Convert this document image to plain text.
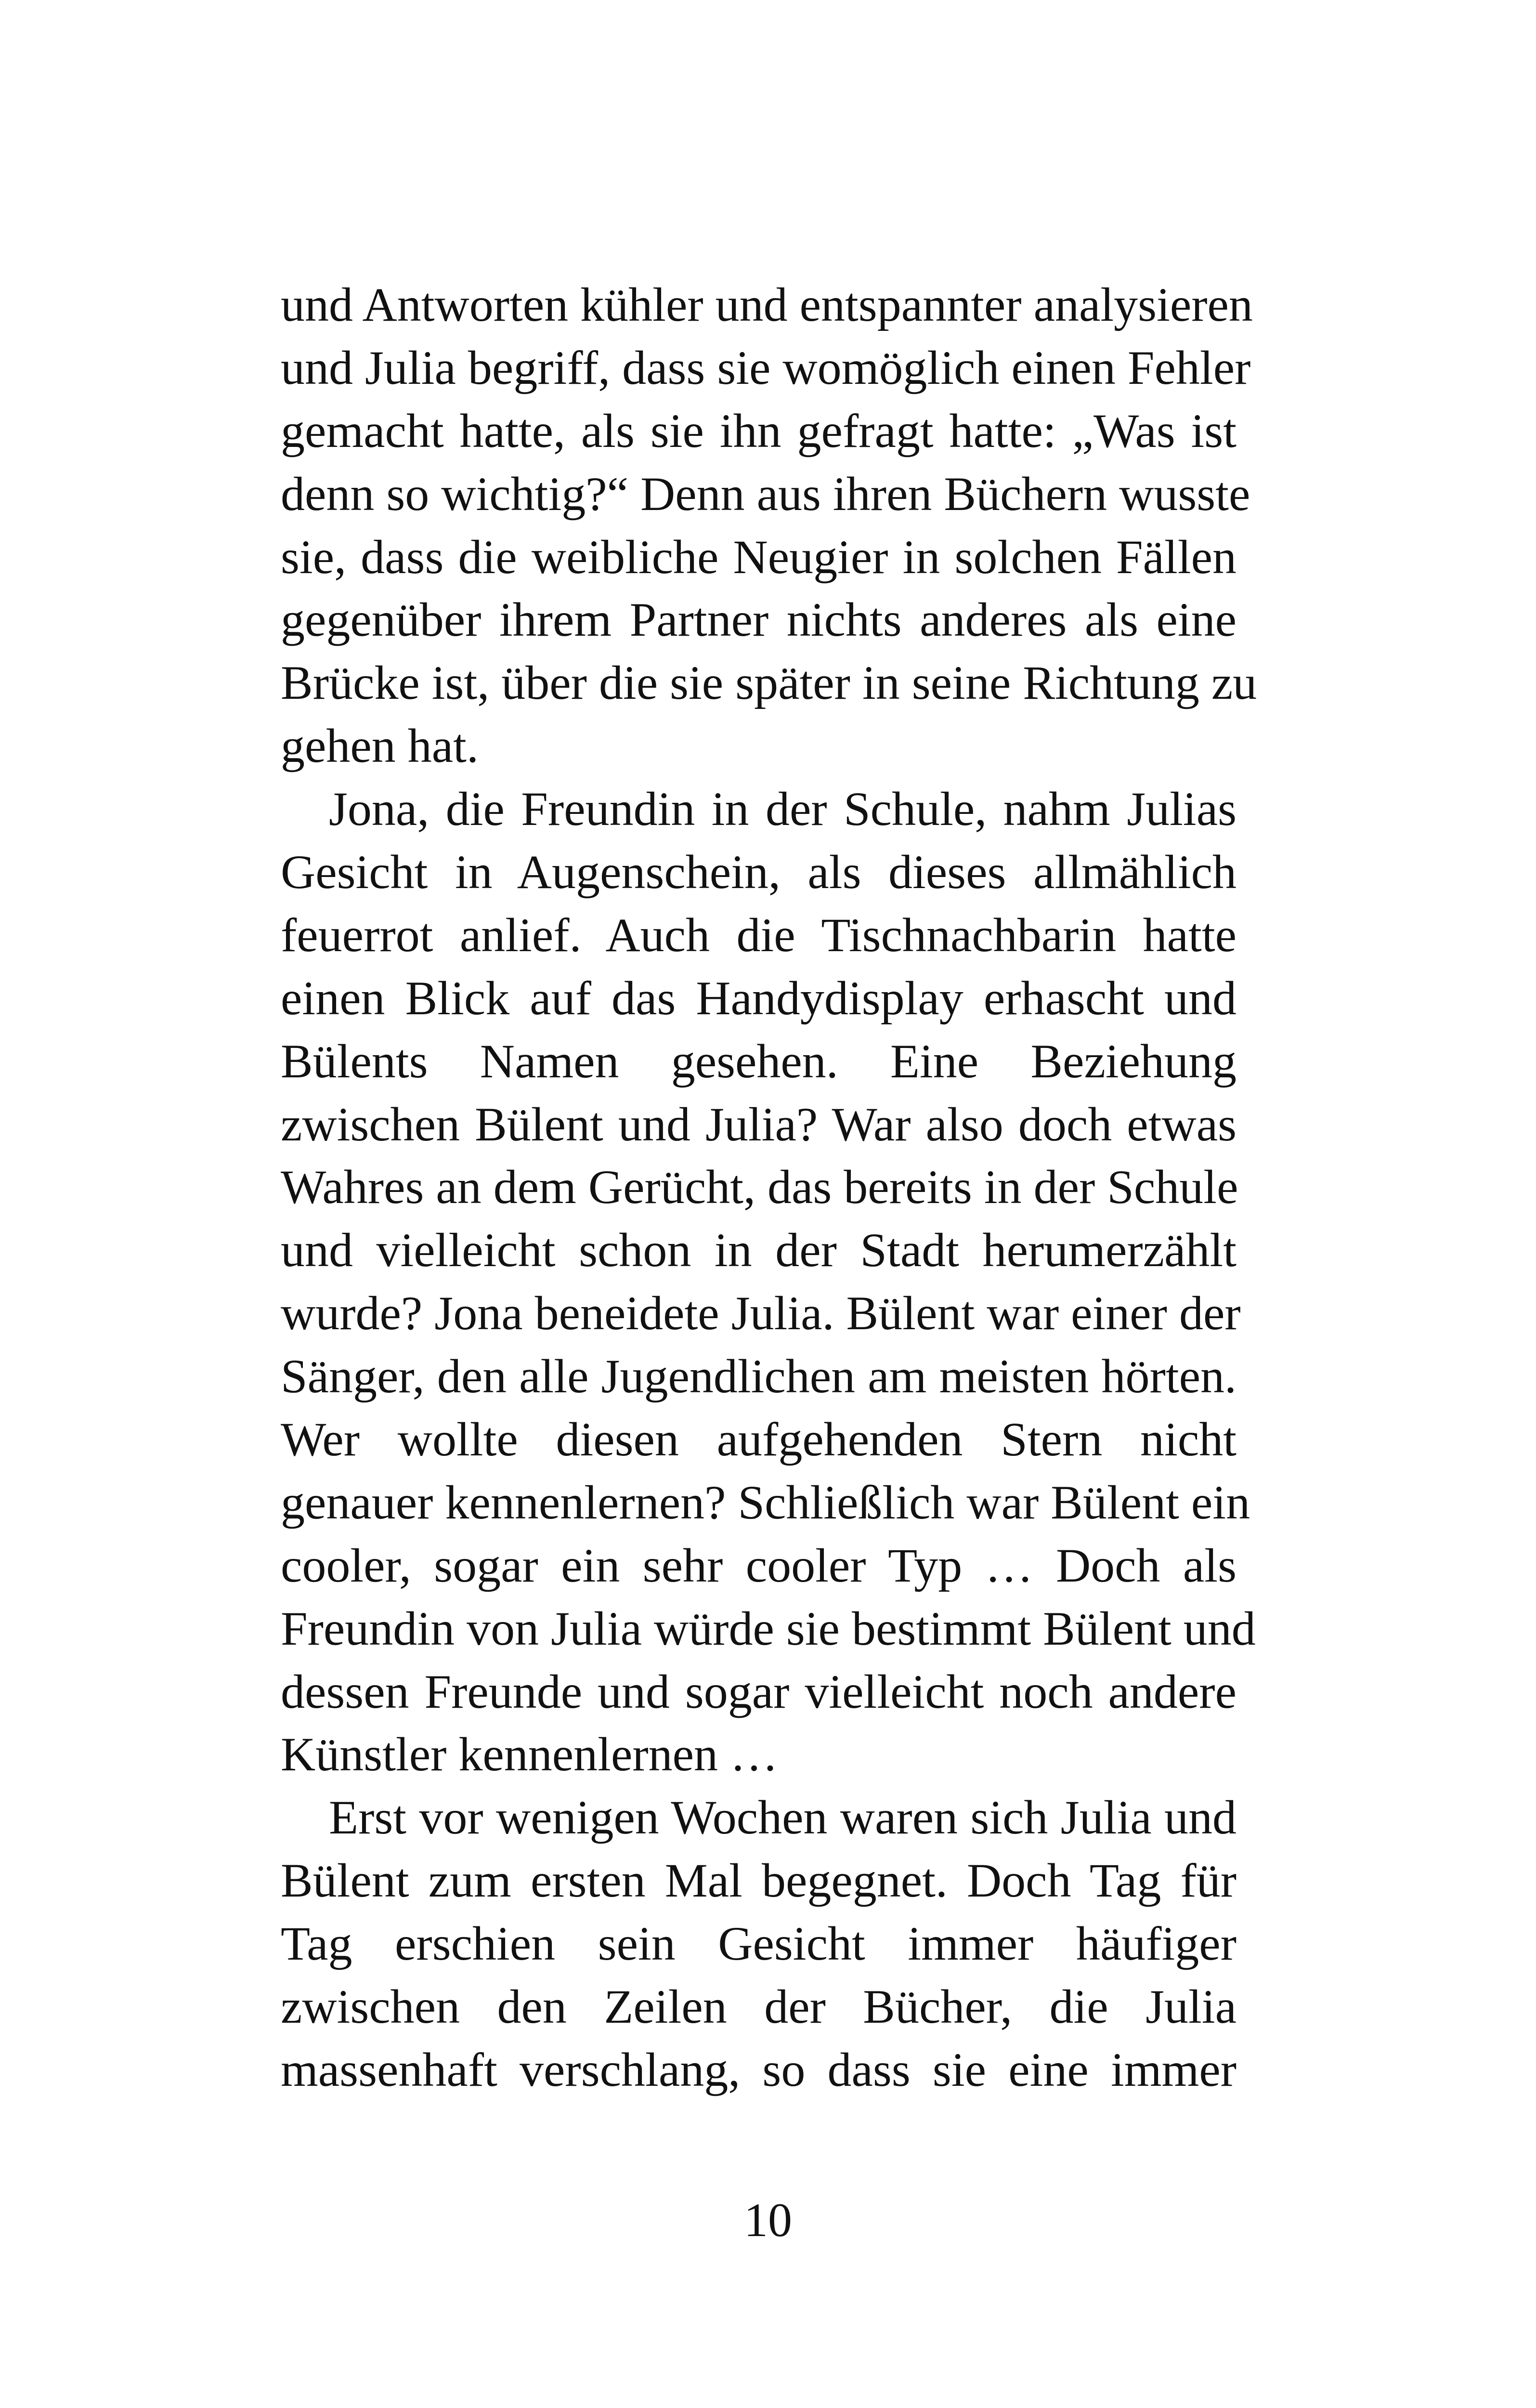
und Antworten kühler und entspannter analysieren
und Julia begriff, dass sie womöglich einen Fehler
gemacht hatte, als sie ihn gefragt hatte: „Was ist
denn so wichtig?“ Denn aus ihren Büchern wusste
sie, dass die weibliche Neugier in solchen Fällen
gegenüber ihrem Partner nichts anderes als eine
Brücke ist, über die sie später in seine Richtung zu
gehen hat.
Jona, die Freundin in der Schule, nahm Julias
Gesicht in Augenschein, als dieses allmählich
feuerrot anlief. Auch die Tischnachbarin hatte
einen Blick auf das Handydisplay erhascht und
Bülents Namen gesehen. Eine Beziehung
zwischen Bülent und Julia? War also doch etwas
Wahres an dem Gerücht, das bereits in der Schule
und vielleicht schon in der Stadt herumerzählt
wurde? Jona beneidete Julia. Bülent war einer der
Sänger, den alle Jugendlichen am meisten hörten.
Wer wollte diesen aufgehenden Stern nicht
genauer kennenlernen? Schließlich war Bülent ein
cooler, sogar ein sehr cooler Typ … Doch als
Freundin von Julia würde sie bestimmt Bülent und
dessen Freunde und sogar vielleicht noch andere
Künstler kennenlernen …
Erst vor wenigen Wochen waren sich Julia und
Bülent zum ersten Mal begegnet. Doch Tag für
Tag erschien sein Gesicht immer häufiger
zwischen den Zeilen der Bücher, die Julia
massenhaft verschlang, so dass sie eine immer
10
